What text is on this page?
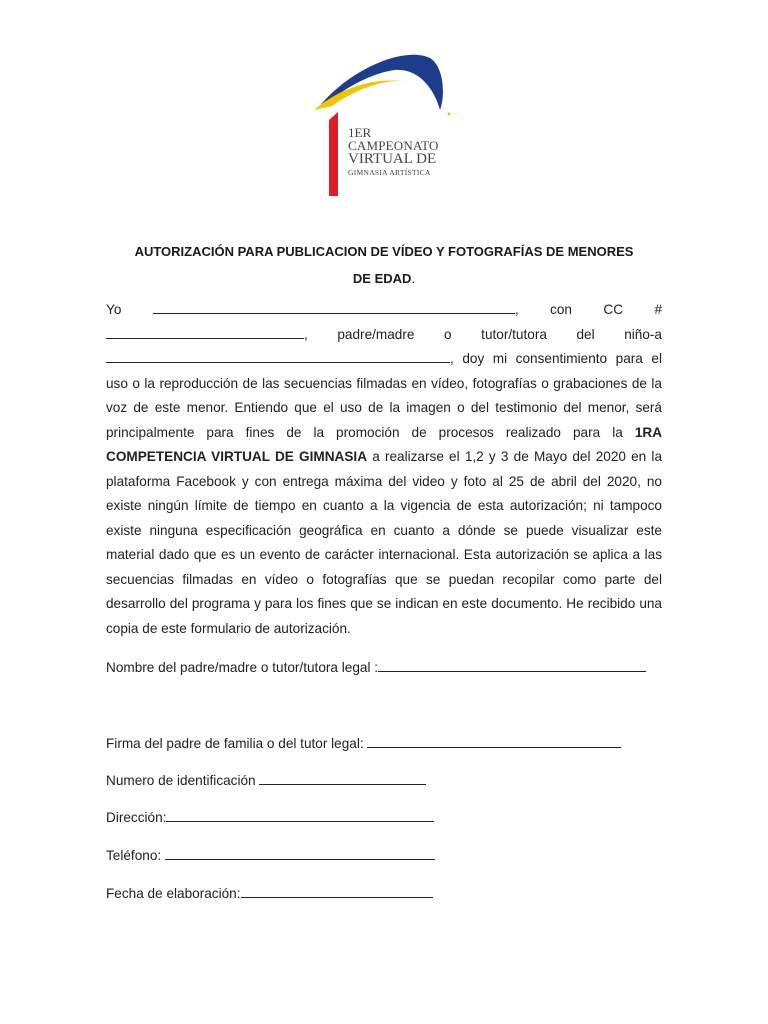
1ER
CAMPEONATO
VIRTUAL DE
GIMNASIA ARTÍSTICA
AUTORIZACIÓN PARA PUBLICACION DE VÍDEO Y FOTOGRAFÍAS DE MENORES
DE EDAD.

Yo	, con CC #, padre/madre o tutor/tutora del niño-a , doy mi consentimiento para el uso o la reproducción de las secuencias filmadas en vídeo, fotografías o grabaciones de la voz de este menor. Entiendo que el uso de la imagen o del testimonio del menor, será principalmente para fines de la promoción de procesos realizado para la 1RA COMPETENCIA VIRTUAL DE GIMNASIA a realizarse el 1,2 y 3 de Mayo del 2020 en la plataforma Facebook y con entrega máxima del video y foto al 25 de abril del 2020, no existe ningún límite de tiempo en cuanto a la vigencia de esta autorización; ni tampoco existe ninguna especificación geográfica en cuanto a dónde se puede visualizar este material dado que es un evento de carácter internacional. Esta autorización se aplica a las secuencias filmadas en vídeo o fotografías que se puedan recopilar como parte del desarrollo del programa y para los fines que se indican en este documento. He recibido una copia de este formulario de autorización.

Nombre del padre/madre o tutor/tutora legal :

Firma del padre de familia o del tutor legal:

Numero de identificación

Dirección:

Teléfono:

Fecha de elaboración:
